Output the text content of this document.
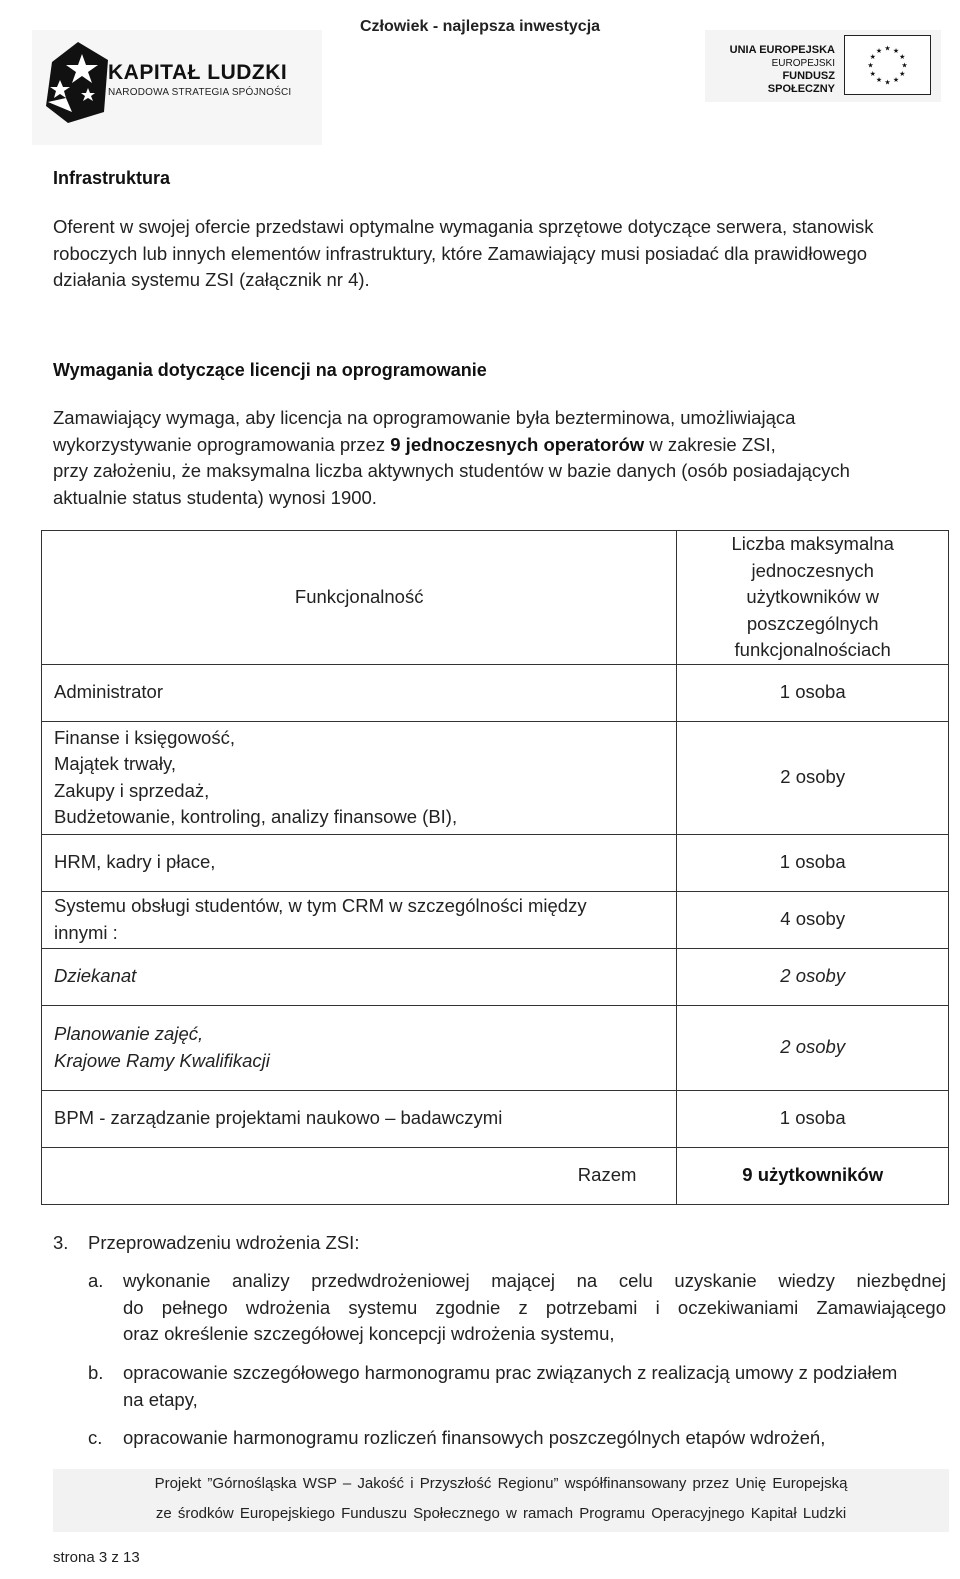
Człowiek - najlepsza inwestycja
KAPITAŁ LUDZKI
NARODOWA STRATEGIA SPÓJNOŚCI
UNIA EUROPEJSKA
EUROPEJSKI
FUNDUSZ SPOŁECZNY
★ ★
★
★
★
★
★
★
★
★
★
★
Infrastruktura
Oferent w swojej ofercie przedstawi optymalne wymagania sprzętowe dotyczące serwera, stanowisk
roboczych lub innych elementów infrastruktury, które Zamawiający musi posiadać dla prawidłowego
działania systemu ZSI (załącznik nr 4).
Wymagania dotyczące licencji na oprogramowanie
Zamawiający wymaga, aby licencja na oprogramowanie była bezterminowa, umożliwiająca
wykorzystywanie oprogramowania przez 9 jednoczesnych operatorów w zakresie ZSI,
przy założeniu, że maksymalna liczba aktywnych studentów w bazie danych (osób posiadających
aktualnie status studenta) wynosi 1900.
Funkcjonalność	Liczba maksymalna
jednoczesnych
użytkowników w
poszczególnych
funkcjonalnościach

Administrator	1 osoba

Finanse i księgowość,
Majątek trwały,
Zakupy i sprzedaż,
Budżetowanie, kontroling, analizy finansowe (BI),	2 osoby

HRM, kadry i płace,	1 osoba

Systemu obsługi studentów, w tym CRM w szczególności między
innymi :	4 osoby

Dziekanat	2 osoby

Planowanie zajęć,
Krajowe Ramy Kwalifikacji	2 osoby

BPM - zarządzanie projektami naukowo – badawczymi	1 osoba
Razem	9 użytkowników
3. Przeprowadzeniu wdrożenia ZSI:
a. wykonanie analizy przedwdrożeniowej mającej na celu uzyskanie wiedzy niezbędnej
do pełnego wdrożenia systemu zgodnie z potrzebami i oczekiwaniami Zamawiającego
oraz określenie szczegółowej koncepcji wdrożenia systemu,
b. opracowanie szczegółowego harmonogramu prac związanych z realizacją umowy z podziałem
na etapy,
c. opracowanie harmonogramu rozliczeń finansowych poszczególnych etapów wdrożeń,
Projekt ”Górnośląska WSP – Jakość i Przyszłość Regionu” współfinansowany przez Unię Europejską
ze środków Europejskiego Funduszu Społecznego w ramach Programu Operacyjnego Kapitał Ludzki
strona 3 z 13
